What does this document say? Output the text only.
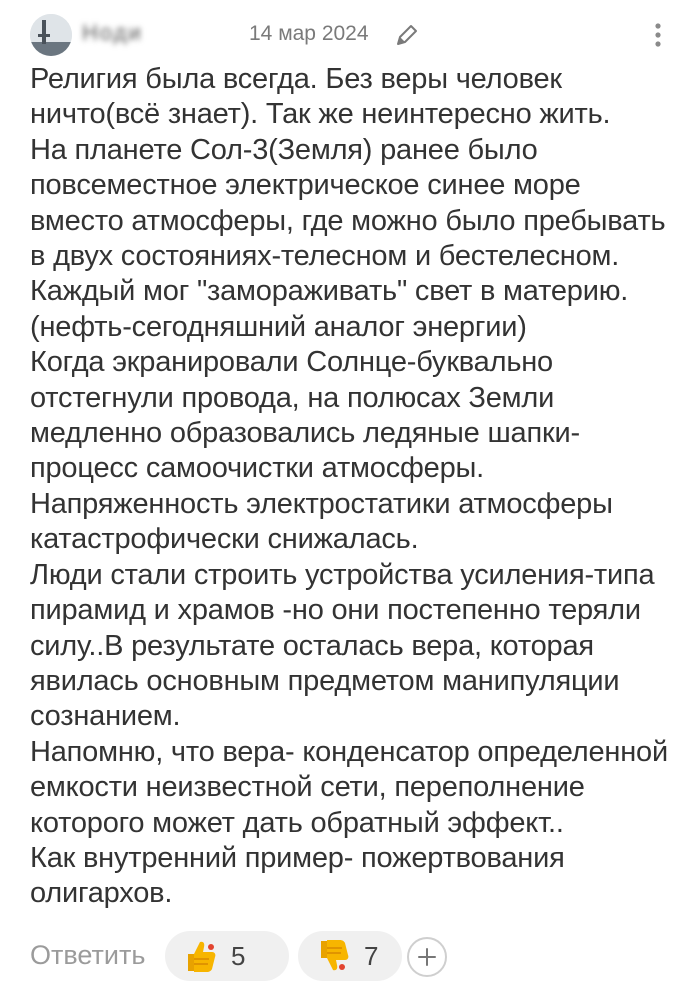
Ноди	14 мар 2024

Религия была всегда. Без веры человек

ничто(всё знает). Так же неинтересно жить.

На планете Сол-3(Земля) ранее было

повсеместное электрическое синее море

вместо атмосферы, где можно было пребывать

в двух состояниях-телесном и бестелесном.

Каждый мог "замораживать" свет в материю.

(нефть-сегодняшний аналог энергии)

Когда экранировали Солнце-буквально

отстегнули провода, на полюсах Земли

медленно образовались ледяные шапки-

процесс самоочистки атмосферы.

Напряженность электростатики атмосферы

катастрофически снижалась.

Люди стали строить устройства усиления-типа

пирамид и храмов -но они постепенно теряли

силу..В результате осталась вера, которая

явилась основным предметом манипуляции

сознанием.

Напомню, что вера- конденсатор определенной

емкости неизвестной сети, переполнение

которого может дать обратный эффект..

Как внутренний пример- пожертвования

олигархов.

Ответить	5	7
